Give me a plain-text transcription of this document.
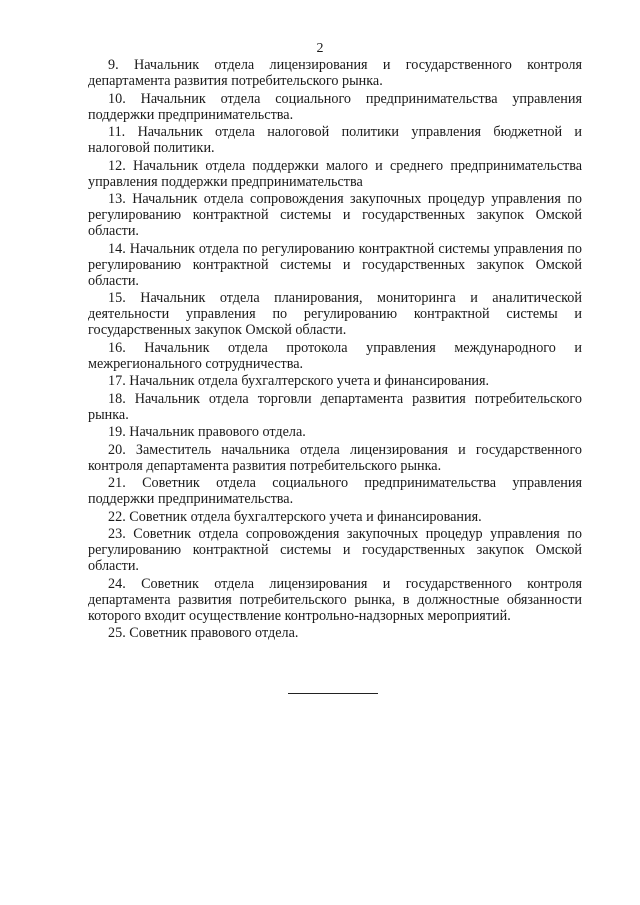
2

9. Начальник отдела лицензирования и государственного контроля департамента развития потребительского рынка.

10. Начальник отдела социального предпринимательства управления поддержки предпринимательства.

11. Начальник отдела налоговой политики управления бюджетной и налоговой политики.

12. Начальник отдела поддержки малого и среднего предпринимательства управления поддержки предпринимательства

13. Начальник отдела сопровождения закупочных процедур управления по регулированию контрактной системы и государственных закупок Омской области.

14. Начальник отдела по регулированию контрактной системы управления по регулированию контрактной системы и государственных закупок Омской области.

15. Начальник отдела планирования, мониторинга и аналитической деятельности управления по регулированию контрактной системы и государственных закупок Омской области.

16. Начальник отдела протокола управления международного и межрегионального сотрудничества.

17. Начальник отдела бухгалтерского учета и финансирования.

18. Начальник отдела торговли департамента развития потребительского рынка.

19. Начальник правового отдела.

20. Заместитель начальника отдела лицензирования и государственного контроля департамента развития потребительского рынка.

21. Советник отдела социального предпринимательства управления поддержки предпринимательства.

22. Советник отдела бухгалтерского учета и финансирования.

23. Советник отдела сопровождения закупочных процедур управления по регулированию контрактной системы и государственных закупок Омской области.

24. Советник отдела лицензирования и государственного контроля департамента развития потребительского рынка, в должностные обязанности которого входит осуществление контрольно-надзорных мероприятий.

25. Советник правового отдела.
